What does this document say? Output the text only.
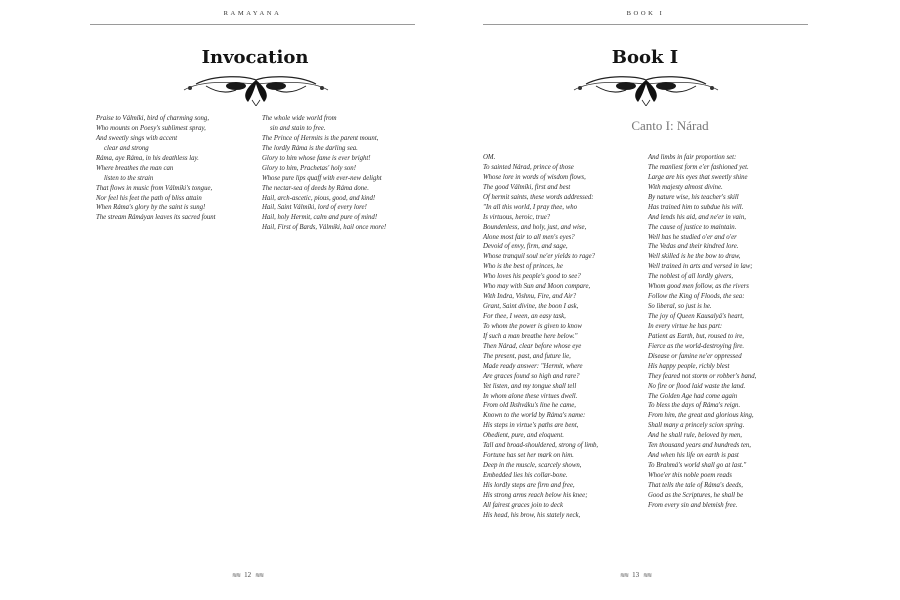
RAMAYANA
Invocation
Praise to Válmíki, bird of charming song,
Who mounts on Poesy's sublimest spray,
And sweetly sings with accent
clear and strong
Ráma, aye Ráma, in his deathless lay.
Where breathes the man can
listen to the strain
That flows in music from Válmíki's tongue,
Nor feel his feet the path of bliss attain
When Ráma's glory by the saint is sung!
The stream Rámáyan leaves its sacred fount
The whole wide world from
sin and stain to free.
The Prince of Hermits is the parent mount,
The lordly Ráma is the darling sea.
Glory to him whose fame is ever bright!
Glory to him, Prachetas' holy son!
Whose pure lips quaff with ever-new delight
The nectar-sea of deeds by Ráma done.
Hail, arch-ascetic, pious, good, and kind!
Hail, Saint Válmíki, lord of every lore!
Hail, holy Hermit, calm and pure of mind!
Hail, First of Bards, Válmíki, hail once more!
≋≋ 12 ≋≋
BOOK I
Book I
Canto I: Nárad
OM.
To sainted Nárad, prince of those
Whose lore in words of wisdom flows,
The good Válmíki, first and best
Of hermit saints, these words addressed:
"In all this world, I pray thee, who
Is virtuous, heroic, true?
Boundenless, and holy, just, and wise,
Alone most fair to all men's eyes?
Devoid of envy, firm, and sage,
Whose tranquil soul ne'er yields to rage?
Who is the best of princes, he
Who loves his people's good to see?
Who may with Sun and Moon compare,
With Indra, Vishnu, Fire, and Air?
Grant, Saint divine, the boon I ask,
For thee, I ween, an easy task,
To whom the power is given to know
If such a man breathe here below."
Then Nárad, clear before whose eye
The present, past, and future lie,
Made ready answer: "Hermit, where
Are graces found so high and rare?
Yet listen, and my tongue shall tell
In whom alone these virtues dwell.
From old Ikshváku's line he came,
Known to the world by Ráma's name:
His steps in virtue's paths are bent,
Obedient, pure, and eloquent.
Tall and broad-shouldered, strong of limb,
Fortune has set her mark on him.
Deep in the muscle, scarcely shown,
Embedded lies his collar-bone.
His lordly steps are firm and free,
His strong arms reach below his knee;
All fairest graces join to deck
His head, his brow, his stately neck,
And limbs in fair proportion set:
The manliest form e'er fashioned yet.
Large are his eyes that sweetly shine
With majesty almost divine.
By nature wise, his teacher's skill
Has trained him to subdue his will.
And lends his aid, and ne'er in vain,
The cause of justice to maintain.
Well has he studied o'er and o'er
The Vedas and their kindred lore.
Well skilled is he the bow to draw,
Well trained in arts and versed in law;
The noblest of all lordly givers,
Whom good men follow, as the rivers
Follow the King of Floods, the sea:
So liberal, so just is he.
The joy of Queen Kausalyá's heart,
In every virtue he has part:
Patient as Earth, but, roused to ire,
Fierce as the world-destroying fire.
Disease or famine ne'er oppressed
His happy people, richly blest
They feared not storm or robber's band,
No fire or flood laid waste the land.
The Golden Age had come again
To bless the days of Ráma's reign.
From him, the great and glorious king,
Shall many a princely scion spring.
And he shall rule, beloved by men,
Ten thousand years and hundreds ten,
And when his life on earth is past
To Brahmá's world shall go at last."
Whoe'er this noble poem reads
That tells the tale of Ráma's deeds,
Good as the Scriptures, he shall be
From every sin and blemish free.
≋≋ 13 ≋≋
